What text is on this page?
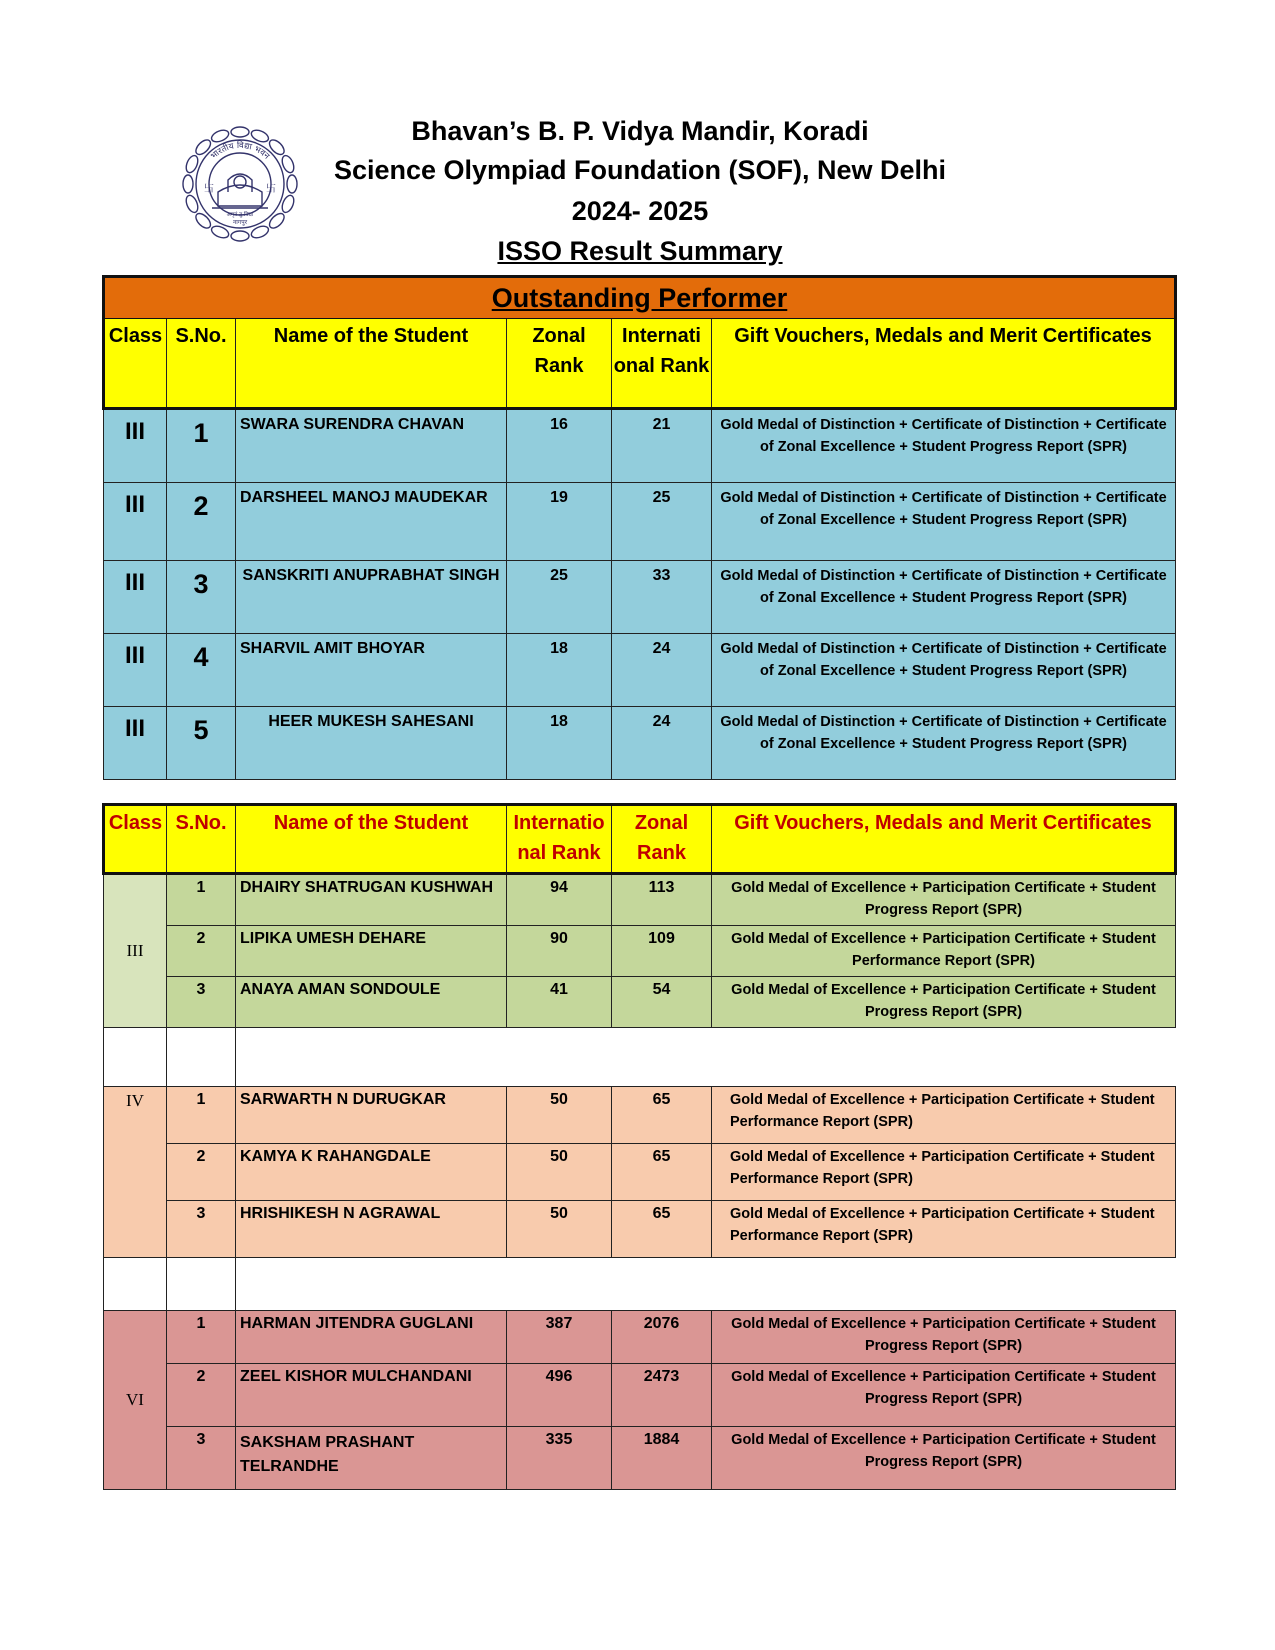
卐	卐
भारतीय विद्या भवन
अमृतं तु विद्या
नागपुर
Bhavan’s B. P. Vidya Mandir, Koradi
Science Olympiad Foundation (SOF), New Delhi
2024- 2025
ISSO Result Summary
Outstanding Performer					
Class	S.No.	Name of the Student	Zonal Rank	Internati onal Rank	Gift Vouchers, Medals and Merit Certificates
III	1	SWARA SURENDRA CHAVAN	16	21	Gold Medal of Distinction + Certificate of Distinction + Certificate of Zonal Excellence + Student Progress Report (SPR)
III	2	DARSHEEL MANOJ MAUDEKAR	19	25	Gold Medal of Distinction + Certificate of Distinction + Certificate of Zonal Excellence + Student Progress Report (SPR)
III	3	SANSKRITI ANUPRABHAT SINGH	25	33	Gold Medal of Distinction + Certificate of Distinction + Certificate of Zonal Excellence + Student Progress Report (SPR)
III	4	SHARVIL AMIT BHOYAR	18	24	Gold Medal of Distinction + Certificate of Distinction + Certificate of Zonal Excellence + Student Progress Report (SPR)
III	5	HEER MUKESH SAHESANI	18	24	Gold Medal of Distinction + Certificate of Distinction + Certificate of Zonal Excellence + Student Progress Report (SPR)
Class	S.No.	Name of the Student	Internatio nal Rank	Zonal Rank	Gift Vouchers, Medals and Merit Certificates
III	1	DHAIRY SHATRUGAN KUSHWAH	94	113	Gold Medal of Excellence + Participation Certificate + Student Progress Report (SPR)
	2	LIPIKA UMESH DEHARE	90	109	Gold Medal of Excellence + Participation Certificate + Student Performance Report (SPR)
	3	ANAYA AMAN SONDOULE	41	54	Gold Medal of Excellence + Participation Certificate + Student Progress Report (SPR)

IV	1	SARWARTH N DURUGKAR	50	65	Gold Medal of Excellence + Participation Certificate + Student Performance Report (SPR)
	2	KAMYA K RAHANGDALE	50	65	Gold Medal of Excellence + Participation Certificate + Student Performance Report (SPR)
	3	HRISHIKESH N AGRAWAL	50	65	Gold Medal of Excellence + Participation Certificate + Student Performance Report (SPR)

VI	1	HARMAN JITENDRA GUGLANI	387	2076	Gold Medal of Excellence + Participation Certificate + Student Progress Report (SPR)
	2	ZEEL KISHOR MULCHANDANI	496	2473	Gold Medal of Excellence + Participation Certificate + Student Progress Report (SPR)
	3	SAKSHAM PRASHANT TELRANDHE	335	1884	Gold Medal of Excellence + Participation Certificate + Student Progress Report (SPR)
